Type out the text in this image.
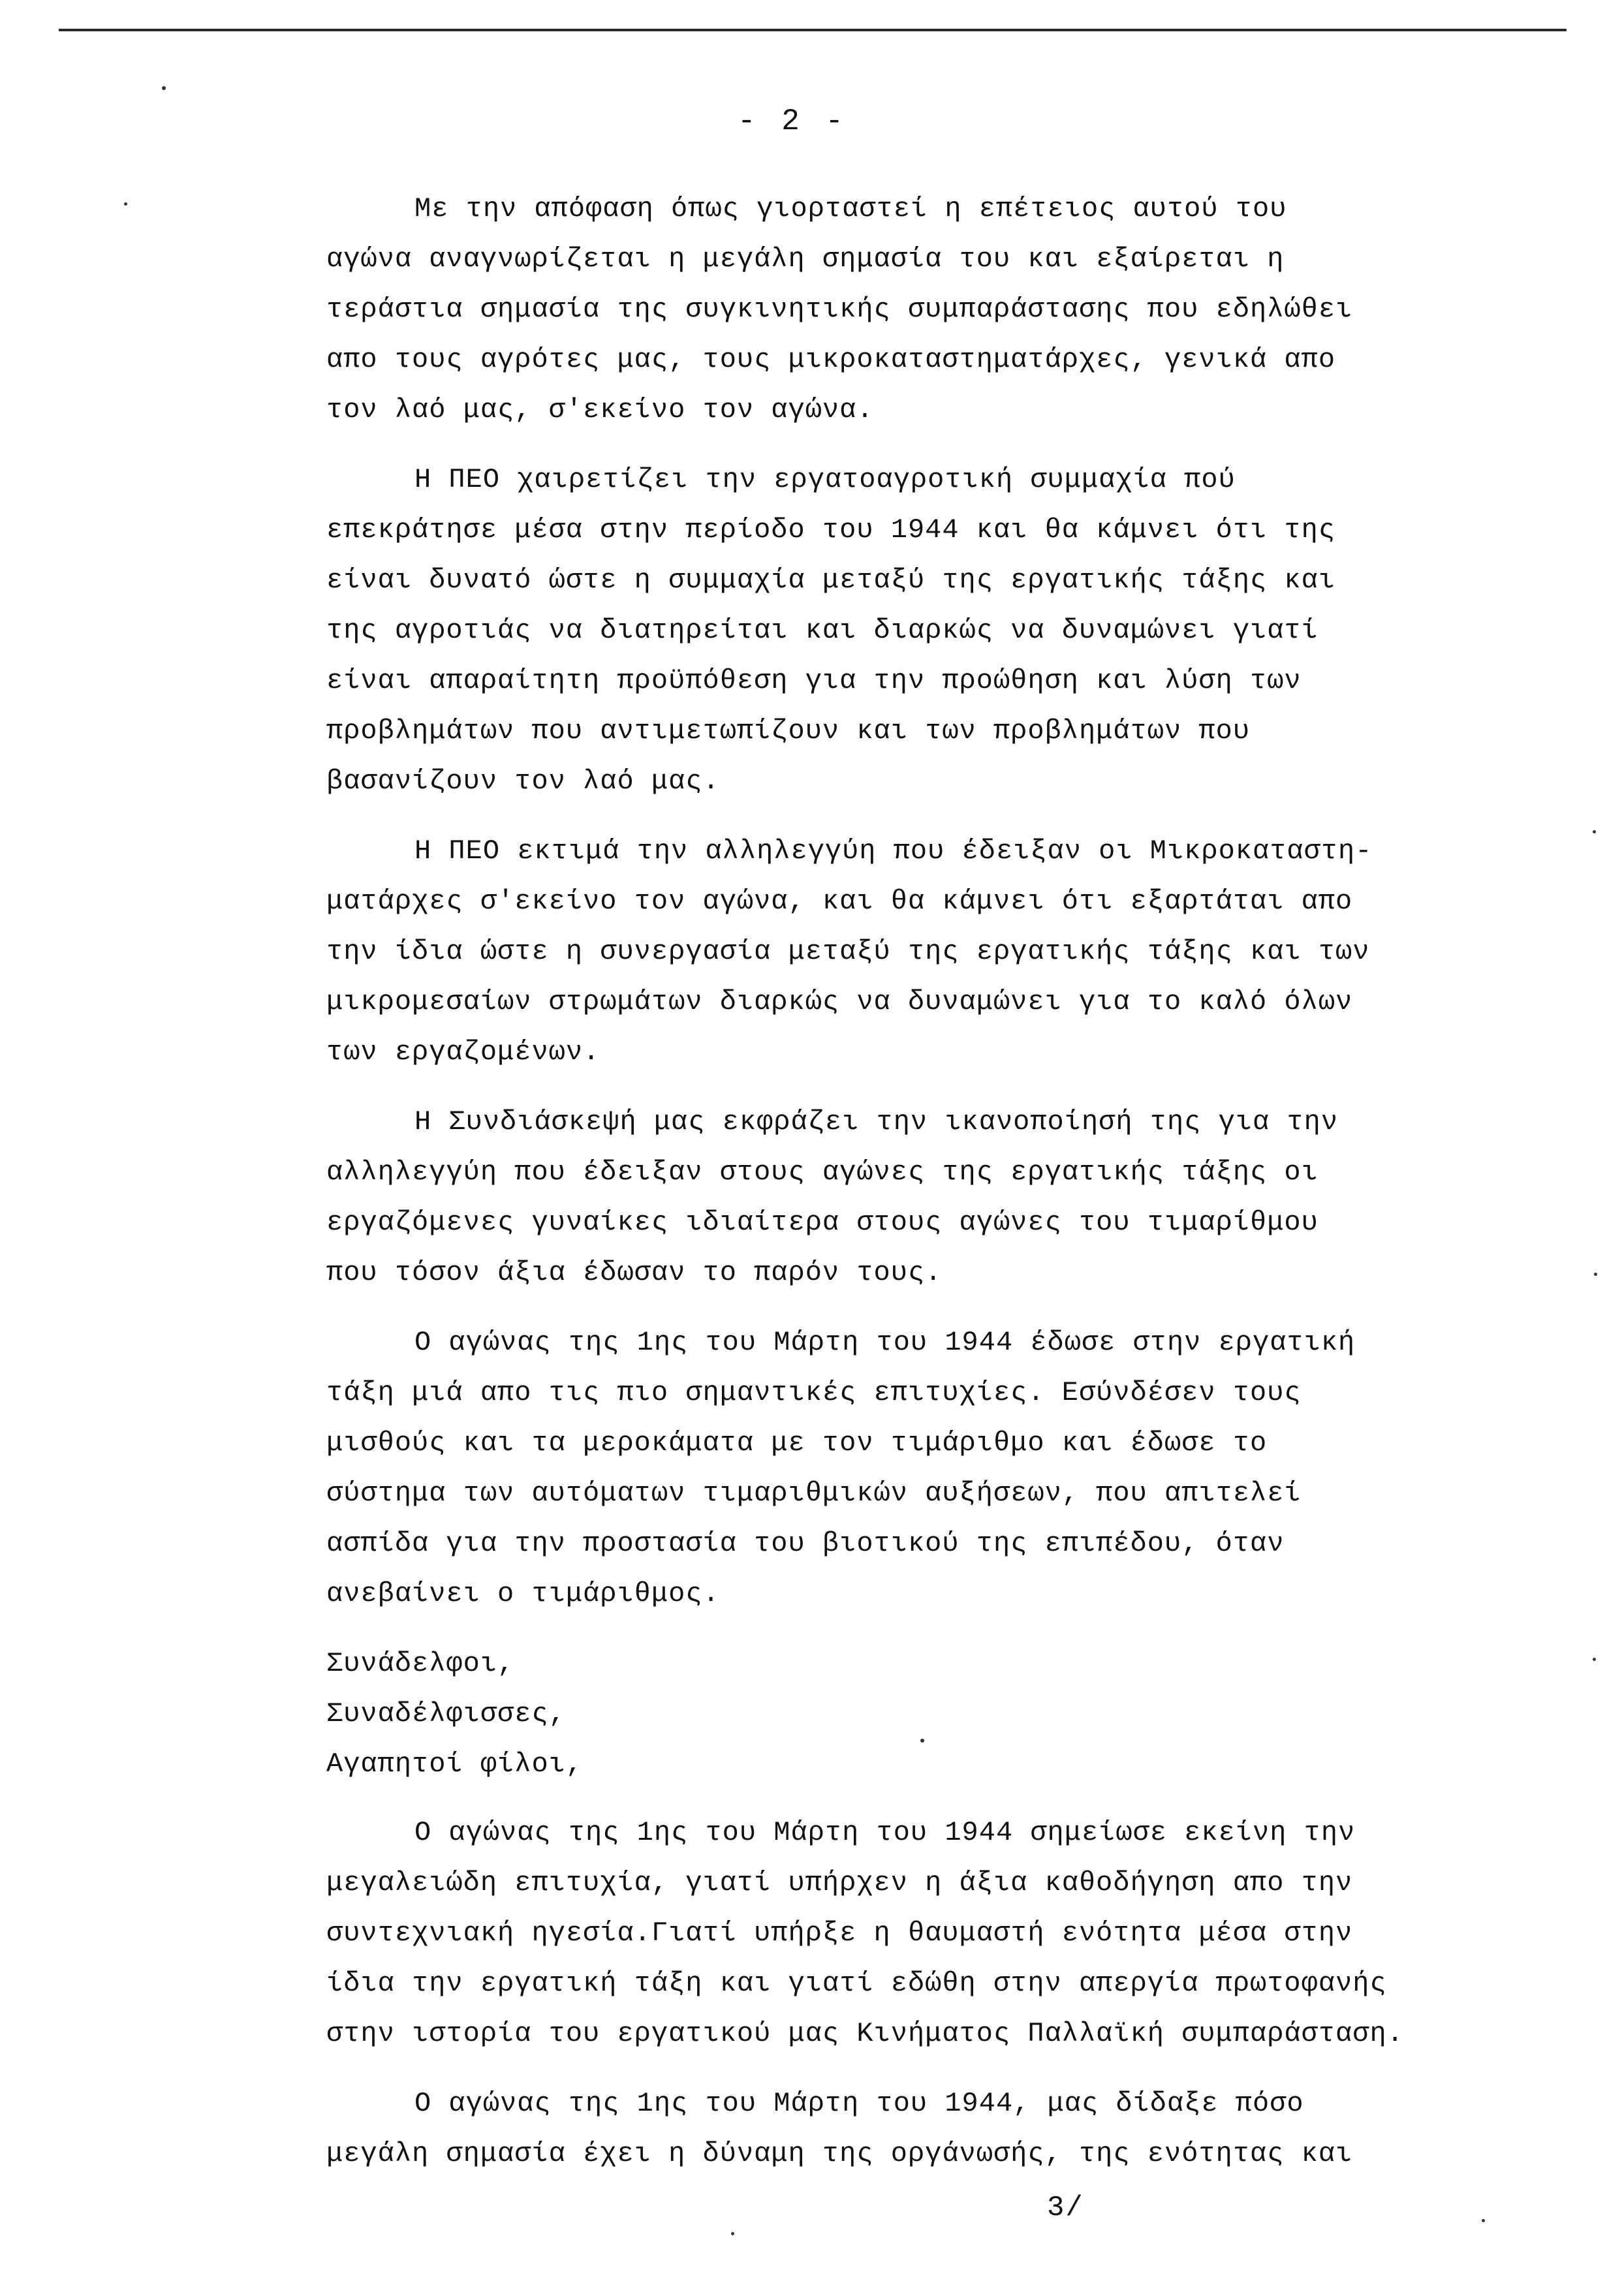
- 2 -
Με την απόφαση όπως γιορταστεί η επέτειος αυτού του
αγώνα αναγνωρίζεται η μεγάλη σημασία του και εξαίρεται η
τεράστια σημασία της συγκινητικής συμπαράστασης που εδηλώθει
απο τους αγρότες μας, τους μικροκαταστηματάρχες, γενικά απο
τον λαό μας, σ'εκείνο τον αγώνα.
Η ΠΕΟ χαιρετίζει την εργατοαγροτική συμμαχία πού
επεκράτησε μέσα στην περίοδο του 1944 και θα κάμνει ότι της
είναι δυνατό ώστε η συμμαχία μεταξύ της εργατικής τάξης και
της αγροτιάς να διατηρείται και διαρκώς να δυναμώνει γιατί
είναι απαραίτητη προϋπόθεση για την προώθηση και λύση των
προβλημάτων που αντιμετωπίζουν και των προβλημάτων που
βασανίζουν τον λαό μας.
Η ΠΕΟ εκτιμά την αλληλεγγύη που έδειξαν οι Μικροκαταστη-
ματάρχες σ'εκείνο τον αγώνα, και θα κάμνει ότι εξαρτάται απο
την ίδια ώστε η συνεργασία μεταξύ της εργατικής τάξης και των
μικρομεσαίων στρωμάτων διαρκώς να δυναμώνει για το καλό όλων
των εργαζομένων.
Η Συνδιάσκεψή μας εκφράζει την ικανοποίησή της για την
αλληλεγγύη που έδειξαν στους αγώνες της εργατικής τάξης οι
εργαζόμενες γυναίκες ιδιαίτερα στους αγώνες του τιμαρίθμου
που τόσον άξια έδωσαν το παρόν τους.
Ο αγώνας της 1ης του Μάρτη του 1944 έδωσε στην εργατική
τάξη μιά απο τις πιο σημαντικές επιτυχίες. Εσύνδέσεν τους
μισθούς και τα μεροκάματα με τον τιμάριθμο και έδωσε το
σύστημα των αυτόματων τιμαριθμικών αυξήσεων, που απιτελεί
ασπίδα για την προστασία του βιοτικού της επιπέδου, όταν
ανεβαίνει ο τιμάριθμος.
Συνάδελφοι,
Συναδέλφισσες,
Αγαπητοί φίλοι,
Ο αγώνας της 1ης του Μάρτη του 1944 σημείωσε εκείνη την
μεγαλειώδη επιτυχία, γιατί υπήρχεν η άξια καθοδήγηση απο την
συντεχνιακή ηγεσία.Γιατί υπήρξε η θαυμαστή ενότητα μέσα στην
ίδια την εργατική τάξη και γιατί εδώθη στην απεργία πρωτοφανής
στην ιστορία του εργατικού μας Κινήματος Παλλαϊκή συμπαράσταση.
Ο αγώνας της 1ης του Μάρτη του 1944, μας δίδαξε πόσο
μεγάλη σημασία έχει η δύναμη της οργάνωσής, της ενότητας και
3/
